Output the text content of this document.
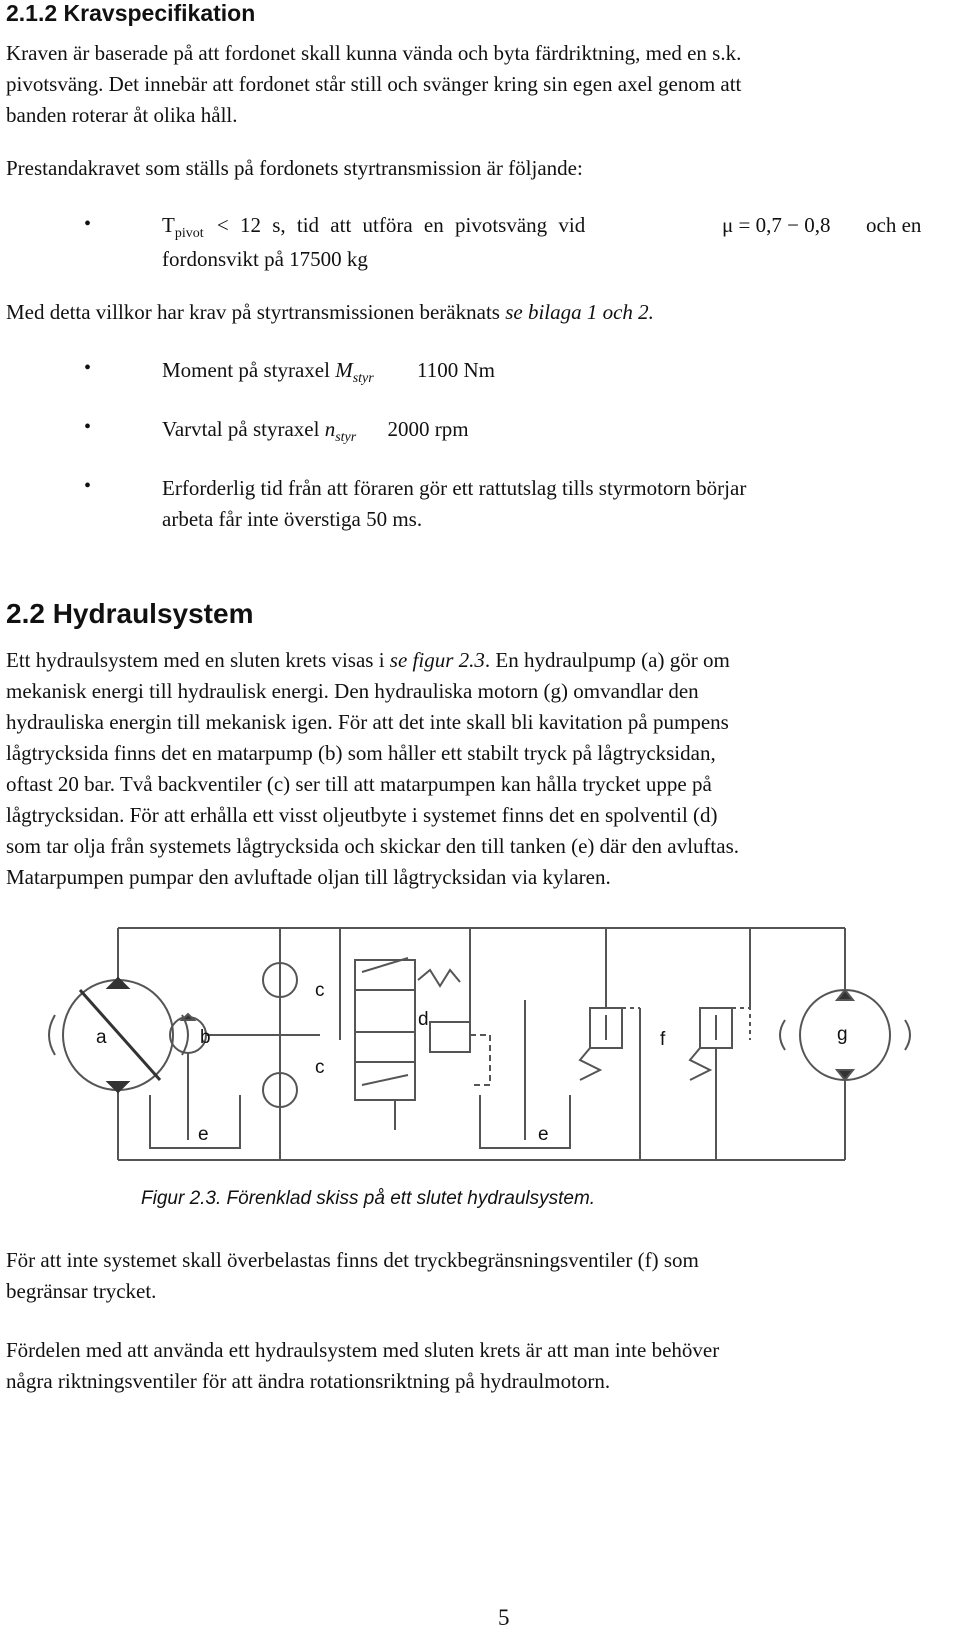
2.1.2 Kravspecifikation
Kraven är baserade på att fordonet skall kunna vända och byta färdriktning, med en s.k.
pivotsväng. Det innebär att fordonet står still och svänger kring sin egen axel genom att
banden roterar åt olika håll.
Prestandakravet som ställs på fordonets styrtransmission är följande:
•	$T_{pivot} < 12$ s, tid att utföra en pivotsväng vid	μ = 0,7 − 0,8 och en
fordonsvikt på 17500 kg
Med detta villkor har krav på styrtransmissionen beräknats se bilaga 1 och 2.
•	Moment på styraxel $M_{styr}$ 1100 Nm
•	Varvtal på styraxel $n_{styr}$ 2000 rpm
•	Erforderlig tid från att föraren gör ett rattutslag tills styrmotorn börjar
arbeta får inte överstiga 50 ms.
2.2 Hydraulsystem
Ett hydraulsystem med en sluten krets visas i se figur 2.3. En hydraulpump (a) gör om
mekanisk energi till hydraulisk energi. Den hydrauliska motorn (g) omvandlar den
hydrauliska energin till mekanisk igen. För att det inte skall bli kavitation på pumpens
lågtrycksida finns det en matarpump (b) som håller ett stabilt tryck på lågtrycksidan,
oftast 20 bar. Två backventiler (c) ser till att matarpumpen kan hålla trycket uppe på
lågtrycksidan. För att erhålla ett visst oljeutbyte i systemet finns det en spolventil (d)
som tar olja från systemets lågtrycksida och skickar den till tanken (e) där den avluftas.
Matarpumpen pumpar den avluftade oljan till lågtrycksidan via kylaren.
a	b
c
c
d
e	e
f	g
Figur 2.3. Förenklad skiss på ett slutet hydraulsystem.
För att inte systemet skall överbelastas finns det tryckbegränsningsventiler (f) som
begränsar trycket.
Fördelen med att använda ett hydraulsystem med sluten krets är att man inte behöver
några riktningsventiler för att ändra rotationsriktning på hydraulmotorn.
5
